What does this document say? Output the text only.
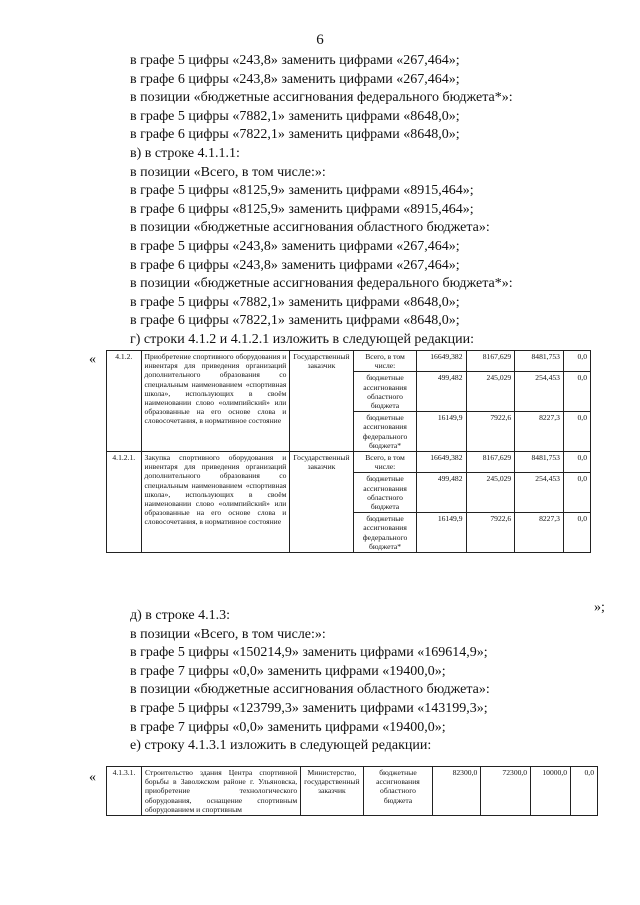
6
в графе 5 цифры «243,8» заменить цифрами «267,464»;
в графе 6 цифры «243,8» заменить цифрами «267,464»;
в позиции «бюджетные ассигнования федерального бюджета*»:
в графе 5 цифры «7882,1» заменить цифрами «8648,0»;
в графе 6 цифры «7822,1» заменить цифрами «8648,0»;
в) в строке 4.1.1.1:
в позиции «Всего, в том числе:»:
в графе 5 цифры «8125,9» заменить цифрами «8915,464»;
в графе 6 цифры «8125,9» заменить цифрами «8915,464»;
в позиции «бюджетные ассигнования областного бюджета»:
в графе 5 цифры «243,8» заменить цифрами «267,464»;
в графе 6 цифры «243,8» заменить цифрами «267,464»;
в позиции «бюджетные ассигнования федерального бюджета*»:
в графе 5 цифры «7882,1» заменить цифрами «8648,0»;
в графе 6 цифры «7822,1» заменить цифрами «8648,0»;
г) строки 4.1.2 и 4.1.2.1 изложить в следующей редакции:
«	4.1.2.	Приобретение спортивного оборудования и инвентаря для приведения организаций дополнительного образования со специальным наименованием «спортивная школа», использующих в своём наименовании слово «олимпийский» или образованные на его основе слова и словосочетания, в нормативное состояние	Государственный заказчик	Всего, в том числе:	16649,382	8167,629	8481,753	0,0
			бюджетные ассигнования областного бюджета	499,482	245,029	254,453	0,0
			бюджетные ассигнования федерального бюджета*	16149,9	7922,6	8227,3	0,0
4.1.2.1.	Закупка спортивного оборудования и инвентаря для приведения организаций дополнительного образования со специальным наименованием «спортивная школа», использующих в своём наименовании слово «олимпийский» или образованные на его основе слова и словосочетания, в нормативное состояние	Государственный заказчик	Всего, в том числе:	16649,382	8167,629	8481,753	0,0
			бюджетные ассигнования областного бюджета	499,482	245,029	254,453	0,0
			бюджетные ассигнования федерального бюджета*	16149,9	7922,6	8227,3	0,0
»;
д) в строке 4.1.3:
в позиции «Всего, в том числе:»:
в графе 5 цифры «150214,9» заменить цифрами «169614,9»;
в графе 7 цифры «0,0» заменить цифрами «19400,0»;
в позиции «бюджетные ассигнования областного бюджета»:
в графе 5 цифры «123799,3» заменить цифрами «143199,3»;
в графе 7 цифры «0,0» заменить цифрами «19400,0»;
е) строку 4.1.3.1 изложить в следующей редакции:
« 4.1.3.1.	Строительство здания Центра спортивной борьбы в Заволжском районе г. Ульяновска, приобретение технологического оборудования, оснащение спортивным оборудованием и спортивным	Министерство, государственный заказчик	бюджетные ассигнования областного бюджета	82300,0	72300,0	10000,0	0,0
